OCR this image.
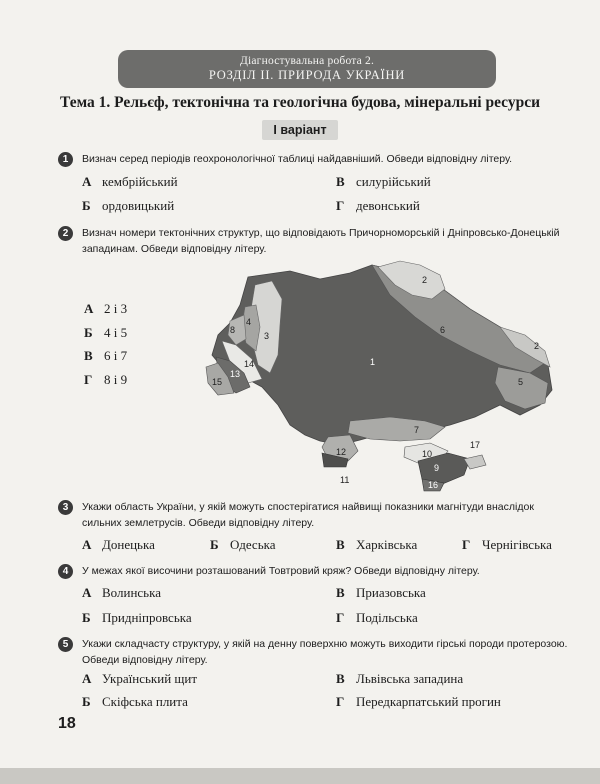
Діагностувальна робота 2.
РОЗДІЛ II. ПРИРОДА УКРАЇНИ
Тема 1. Рельєф, тектонічна та геологічна будова, мінеральні ресурси
I варіант
1	Визнач серед періодів геохронологічної таблиці найдавніший. Обведи відповідну літеру.
А кембрійський	В силурійський
Б ордовицький	Г девонський
2	Визнач номери тектонічних структур, що відповідають Причорноморській і Дніпровсько-Донецькій западинам. Обведи відповідну літеру.
А 2 і 3
Б 4 і 5
В 6 і 7
Г 8 і 9
1
2
2
3
4
5
6
7
8
9
10
11
12
13
14
15
16
17
3	Укажи область України, у якій можуть спостерігатися найвищі показники магнітуди внаслідок сильних землетрусів. Обведи відповідну літеру.
А Донецька	Б Одеська	В Харківська	Г Чернігівська
4	У межах якої височини розташований Товтровий кряж? Обведи відповідну літеру.
А Волинська	В Приазовська
Б Придніпровська	Г Подільська
5	Укажи складчасту структуру, у якій на денну поверхню можуть виходити гірські породи протерозою. Обведи відповідну літеру.
А Український щит	В Львівська западина
Б Скіфська плита	Г Передкарпатський прогин
18
